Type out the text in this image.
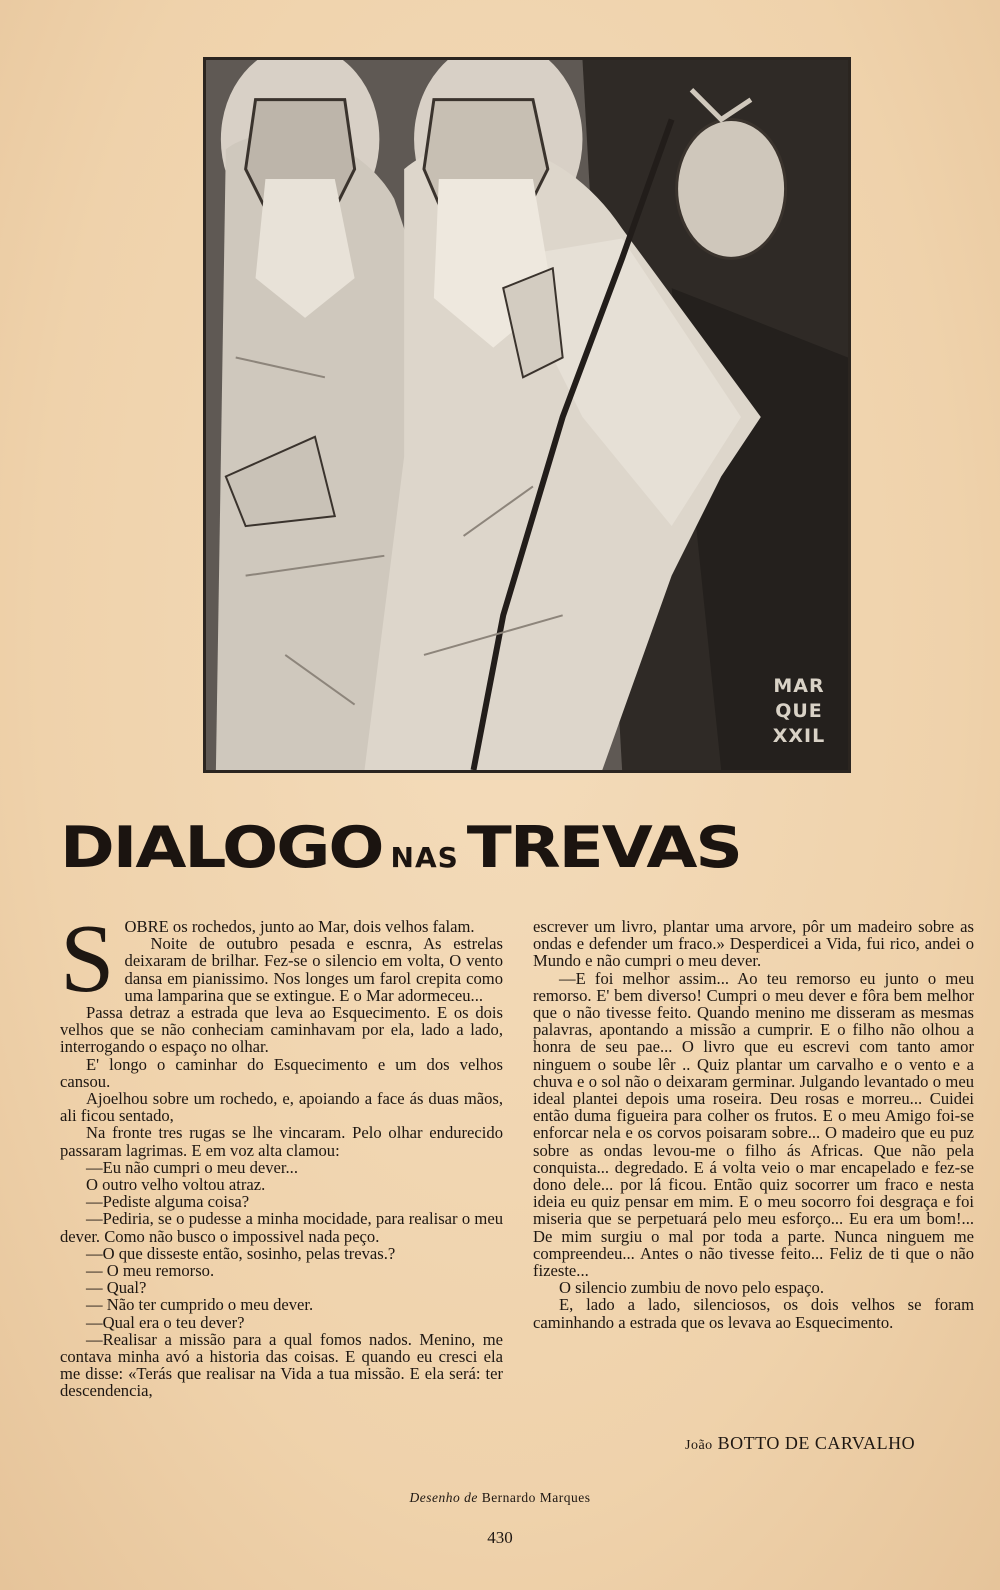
MAR
QUE
XXIL
DIALOGO NAS TREVAS
S OBRE os rochedos, junto ao Mar, dois velhos falam.

Noite de outubro pesada e escnra, As estrelas deixaram de brilhar. Fez-se o silencio em volta, O vento dansa em pianissimo. Nos longes um farol crepita como uma lamparina que se extingue. E o Mar adormeceu...

Passa detraz a estrada que leva ao Esquecimento. E os dois velhos que se não conheciam caminhavam por ela, lado a lado, interrogando o espaço no olhar.

E' longo o caminhar do Esquecimento e um dos velhos cansou.

Ajoelhou sobre um rochedo, e, apoiando a face ás duas mãos, ali ficou sentado,

Na fronte tres rugas se lhe vincaram. Pelo olhar endurecido passaram lagrimas. E em voz alta clamou:

—Eu não cumpri o meu dever...

O outro velho voltou atraz.

—Pediste alguma coisa?

—Pediria, se o pudesse a minha mocidade, para realisar o meu dever. Como não busco o impossivel nada peço.

—O que disseste então, sosinho, pelas trevas.?

— O meu remorso.

— Qual?

— Não ter cumprido o meu dever.

—Qual era o teu dever?

—Realisar a missão para a qual fomos nados. Menino, me contava minha avó a historia das coisas. E quando eu cresci ela me disse: «Terás que realisar na Vida a tua missão. E ela será: ter descendencia,

escrever um livro, plantar uma arvore, pôr um madeiro sobre as ondas e defender um fraco.» Desperdicei a Vida, fui rico, andei o Mundo e não cumpri o meu dever.

—E foi melhor assim... Ao teu remorso eu junto o meu remorso. E' bem diverso! Cumpri o meu dever e fôra bem melhor que o não tivesse feito. Quando menino me disseram as mesmas palavras, apontando a missão a cumprir. E o filho não olhou a honra de seu pae... O livro que eu escrevi com tanto amor ninguem o soube lêr .. Quiz plantar um carvalho e o vento e a chuva e o sol não o deixaram germinar. Julgando levantado o meu ideal plantei depois uma roseira. Deu rosas e morreu... Cuidei então duma figueira para colher os frutos. E o meu Amigo foi-se enforcar nela e os corvos poisaram sobre... O madeiro que eu puz sobre as ondas levou-me o filho ás Africas. Que não pela conquista... degredado. E á volta veio o mar encapelado e fez-se dono dele... por lá ficou. Então quiz socorrer um fraco e nesta ideia eu quiz pensar em mim. E o meu socorro foi desgraça e foi miseria que se perpetuará pelo meu esforço... Eu era um bom!... De mim surgiu o mal por toda a parte. Nunca ninguem me compreendeu... Antes o não tivesse feito... Feliz de ti que o não fizeste...

O silencio zumbiu de novo pelo espaço.

E, lado a lado, silenciosos, os dois velhos se foram caminhando a estrada que os levava ao Esquecimento.

João BOTTO DE CARVALHO
Desenho de Bernardo Marques
430
